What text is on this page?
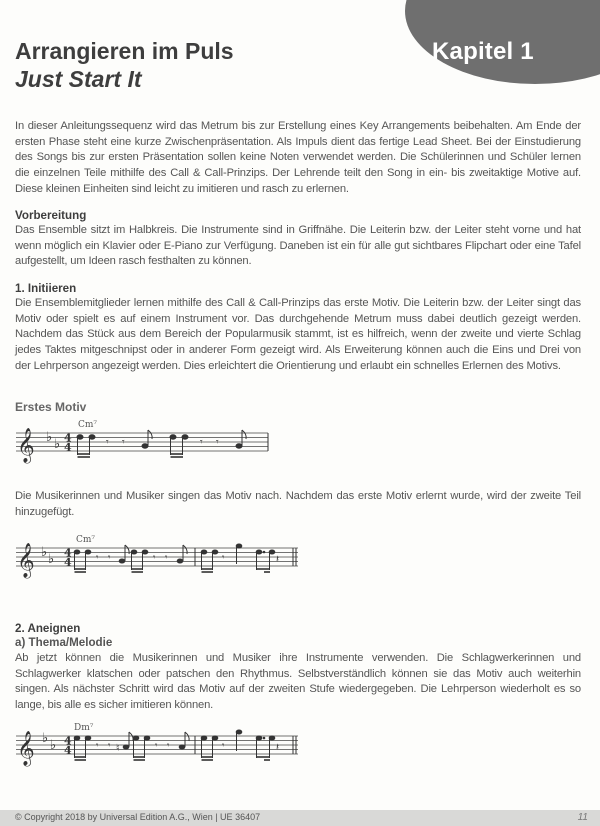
Kapitel 1
Arrangieren im Puls
Just Start It
In dieser Anleitungssequenz wird das Metrum bis zur Erstellung eines Key Arrangements beibehalten. Am Ende der ersten Phase steht eine kurze Zwischenpräsentation. Als Impuls dient das fertige Lead Sheet. Bei der Einstudierung des Songs bis zur ersten Präsentation sollen keine Noten verwendet werden. Die Schülerinnen und Schüler lernen die einzelnen Teile mithilfe des Call & Call-Prinzips. Der Lehrende teilt den Song in ein- bis zweitaktige Motive auf. Diese kleinen Einheiten sind leicht zu imitieren und rasch zu erlernen.
Vorbereitung
Das Ensemble sitzt im Halbkreis. Die Instrumente sind in Griffnähe. Die Leiterin bzw. der Leiter steht vorne und hat wenn möglich ein Klavier oder E-Piano zur Verfügung. Daneben ist ein für alle gut sichtbares Flipchart oder eine Tafel aufgestellt, um Ideen rasch festhalten zu können.
1. Initiieren
Die Ensemblemitglieder lernen mithilfe des Call & Call-Prinzips das erste Motiv. Die Leiterin bzw. der Leiter singt das Motiv oder spielt es auf einem Instrument vor. Das durchgehende Metrum muss dabei deutlich gezeigt werden. Nachdem das Stück aus dem Bereich der Popularmusik stammt, ist es hilfreich, wenn der zweite und vierte Schlag jedes Taktes mitgeschnipst oder in anderer Form gezeigt wird. Als Erweiterung können auch die Eins und Drei von der Lehrperson angezeigt werden. Dies erleichtert die Orientierung und erlaubt ein schnelles Erlernen des Motivs.
Erstes Motiv
𝄞 ♭ ♭ 4
4
Cm⁷
𝄾 𝄾	𝄾 𝄾
Die Musikerinnen und Musiker singen das Motiv nach. Nachdem das erste Motiv erlernt wurde, wird der zweite Teil hinzugefügt.
𝄞 ♭ ♭ 4
4
Cm⁷
𝄾 𝄾	𝄾 𝄾	𝄾	𝄽
2. Aneignen
a) Thema/Melodie
Ab jetzt können die Musikerinnen und Musiker ihre Instrumente verwenden. Die Schlagwerkerinnen und Schlagwerker klatschen oder patschen den Rhythmus. Selbstverständlich können sie das Motiv auch weiterhin singen. Als nächster Schritt wird das Motiv auf der zweiten Stufe wiedergegeben. Die Lehrperson wiederholt es so lange, bis alle es sicher imitieren können.
𝄞 ♭ ♭ 4
4
Dm⁷
𝄾 𝄾 ♮	𝄾 𝄾	𝄾	𝄽
© Copyright 2018 by Universal Edition A.G., Wien | UE 36407	11
